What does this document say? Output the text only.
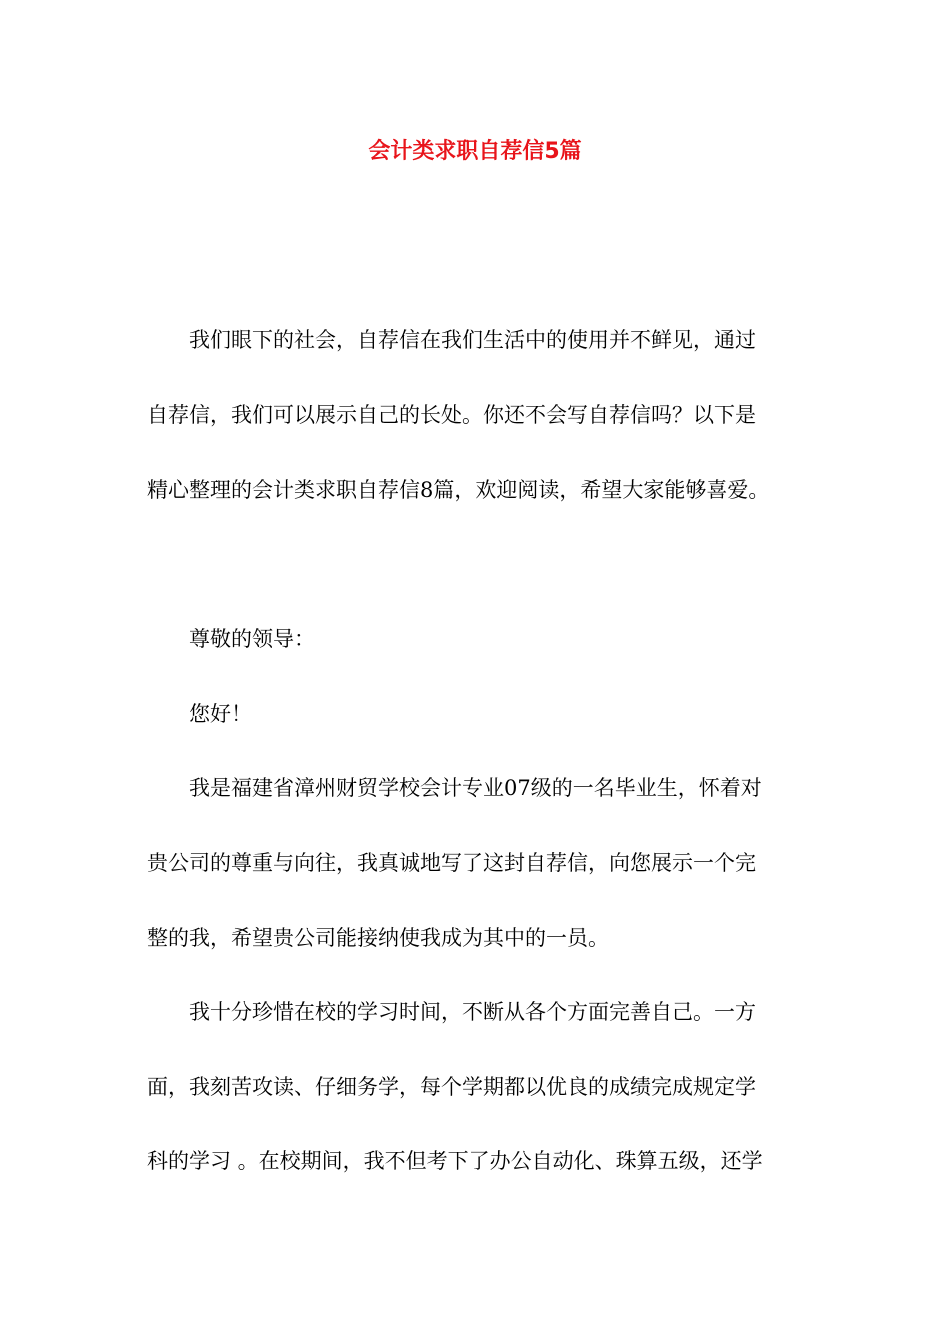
会计类求职自荐信5篇
我们眼下的社会，自荐信在我们生活中的使用并不鲜见，通过
自荐信，我们可以展示自己的长处。你还不会写自荐信吗？以下是
精心整理的会计类求职自荐信8篇，欢迎阅读，希望大家能够喜爱。
尊敬的领导：
您好！
我是福建省漳州财贸学校会计专业07级的一名毕业生，怀着对
贵公司的尊重与向往，我真诚地写了这封自荐信，向您展示一个完
整的我，希望贵公司能接纳使我成为其中的一员。
我十分珍惜在校的学习时间，不断从各个方面完善自己。一方
面，我刻苦攻读、仔细务学，每个学期都以优良的成绩完成规定学
科的学习 。在校期间，我不但考下了办公自动化、珠算五级，还学
